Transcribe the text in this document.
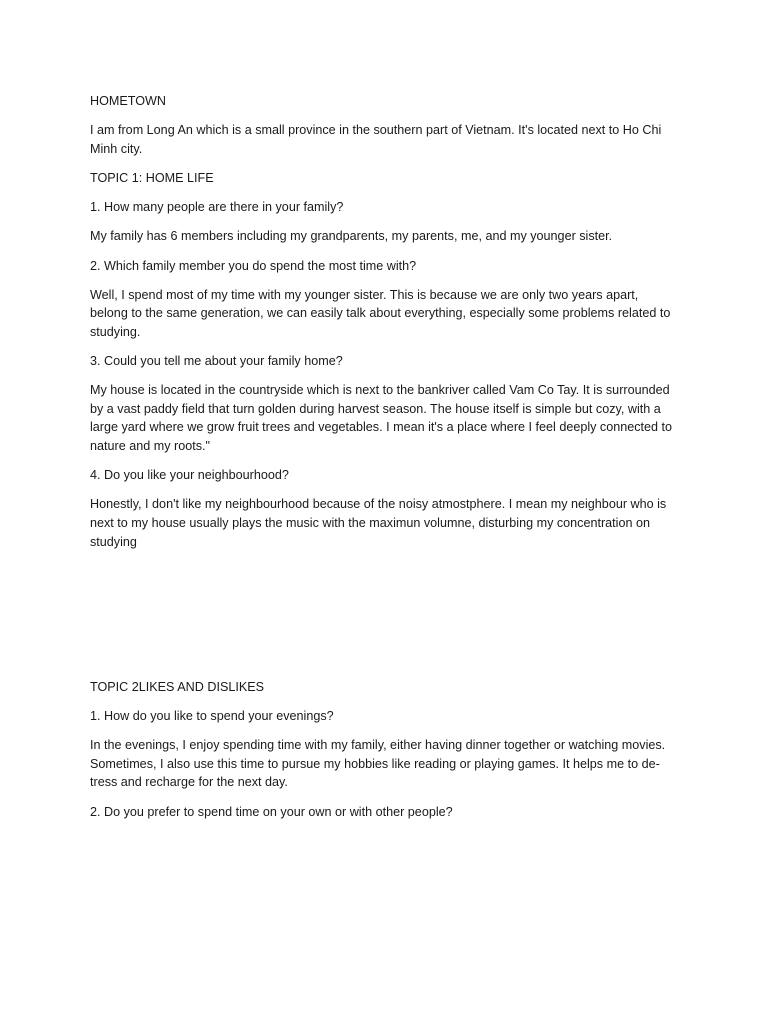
HOMETOWN

I am from Long An which is a small province in the southern part of Vietnam. It's located next to Ho Chi Minh city.

TOPIC 1: HOME LIFE

1. How many people are there in your family?

My family has 6 members including my grandparents, my parents, me, and my younger sister.

2. Which family member you do spend the most time with?

Well, I spend most of my time with my younger sister. This is because we are only two years apart, belong to the same generation, we can easily talk about everything, especially some problems related to studying.

3. Could you tell me about your family home?

My house is located in the countryside which is next to the bankriver called Vam Co Tay. It is surrounded by a vast paddy field that turn golden during harvest season. The house itself is simple but cozy, with a large yard where we grow fruit trees and vegetables. I mean it's a place where I feel deeply connected to nature and my roots."

4. Do you like your neighbourhood?

Honestly, I don't like my neighbourhood because of the noisy atmostphere. I mean my neighbour who is next to my house usually plays the music with the maximun volumne, disturbing my concentration on studying

TOPIC 2LIKES AND DISLIKES

1. How do you like to spend your evenings?

In the evenings, I enjoy spending time with my family, either having dinner together or watching movies. Sometimes, I also use this time to pursue my hobbies like reading or playing games. It helps me to de-tress and recharge for the next day.

2. Do you prefer to spend time on your own or with other people?
